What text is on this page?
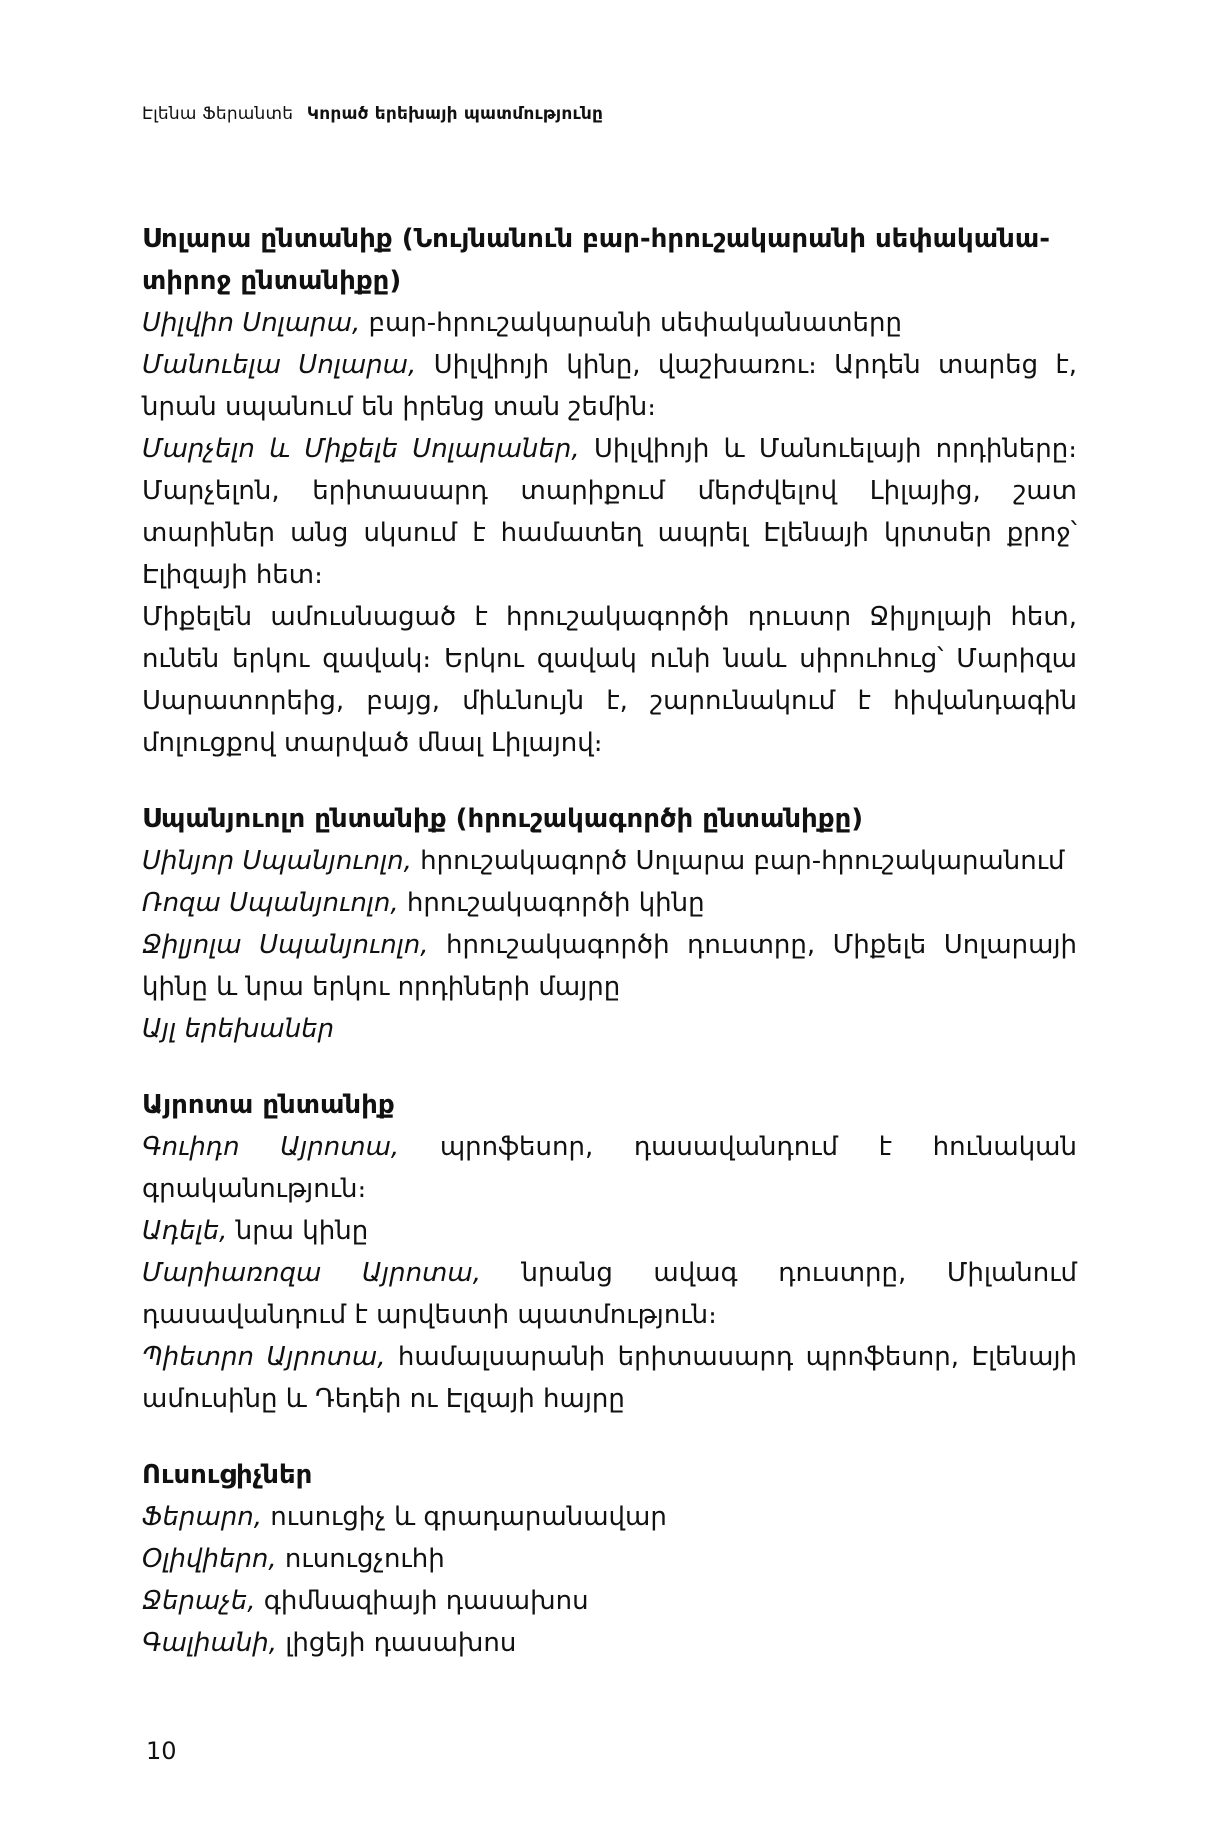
Էլենա Ֆերանտե Կորած երեխայի պատմությունը

Սոլարա ընտանիք (Նույնանուն բար-հրուշակարանի սեփականա-տիրոջ ընտանիքը)

Սիլվիո Սոլարա, բար-հրուշակարանի սեփականատերը

Մանուելա Սոլարա, Սիլվիոյի կինը, վաշխառու։ Արդեն տարեց է, նրան սպանում են իրենց տան շեմին։

Մարչելո և Միքելե Սոլարաներ, Սիլվիոյի և Մանուելայի որդիները։ Մարչելոն, երիտասարդ տարիքում մերժվելով Լիլայից, շատ տարիներ անց սկսում է համատեղ ապրել Էլենայի կրտսեր քրոջ՝ Էլիզայի հետ։

Միքելեն ամուսնացած է հրուշակագործի դուստր Ջիլյոլայի հետ, ունեն երկու զավակ։ Երկու զավակ ունի նաև սիրուհուց՝ Մարիզա Սարատորեից, բայց, միևնույն է, շարունակում է հիվանդագին մոլուցքով տարված մնալ Լիլայով։

Սպանյուոլո ընտանիք (հրուշակագործի ընտանիքը)

Սինյոր Սպանյուոլո, հրուշակագործ Սոլարա բար-հրուշակարանում

Ռոզա Սպանյուոլո, հրուշակագործի կինը

Ջիլյոլա Սպանյուոլո, հրուշակագործի դուստրը, Միքելե Սոլարայի կինը և նրա երկու որդիների մայրը

Այլ երեխաներ

Այրոտա ընտանիք

Գուիդո Այրոտա, պրոֆեսոր, դասավանդում է հունական գրականություն։

Ադելե, նրա կինը

Մարիառոզա Այրոտա, նրանց ավագ դուստրը, Միլանում դասավանդում է արվեստի պատմություն։

Պիետրո Այրոտա, համալսարանի երիտասարդ պրոֆեսոր, Էլենայի ամուսինը և Դեդեի ու Էլզայի հայրը

Ուսուցիչներ

Ֆերարո, ուսուցիչ և գրադարանավար

Օլիվիերո, ուսուցչուհի

Ջերաչե, գիմնազիայի դասախոս

Գալիանի, լիցեյի դասախոս

10
